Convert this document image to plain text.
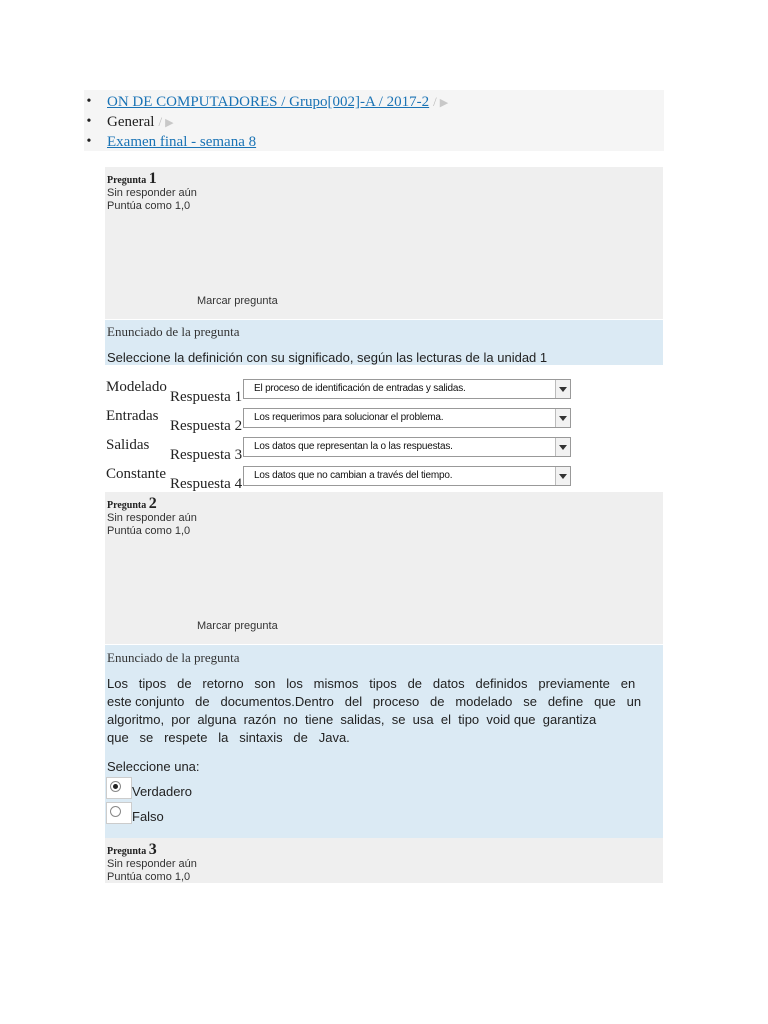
• ON DE COMPUTADORES / Grupo[002]-A / 2017-2 / ▶
• General / ▶
• Examen final - semana 8
Pregunta 1
Sin responder aún
Puntúa como 1,0
Marcar pregunta
Enunciado de la pregunta
Seleccione la definición con su significado, según las lecturas de la unidad 1
Modelado
Respuesta 1
El proceso de identificación de entradas y salidas.
Entradas
Respuesta 2
Los requerimos para solucionar el problema.
Salidas
Respuesta 3
Los datos que representan la o las respuestas.
Constante
Respuesta 4
Los datos que no cambian a través del tiempo.
Pregunta 2
Sin responder aún
Puntúa como 1,0
Marcar pregunta
Enunciado de la pregunta
Los   tipos   de   retorno   son   los   mismos   tipos   de   datos   definidos   previamente   en
este conjunto   de   documentos.Dentro   del   proceso   de   modelado   se   define   que   un
algoritmo,  por  alguna  razón  no  tiene  salidas,  se  usa  el  tipo  void que  garantiza
que   se   respete   la   sintaxis   de   Java.
Seleccione una:
Verdadero
Falso
Pregunta 3
Sin responder aún
Puntúa como 1,0
